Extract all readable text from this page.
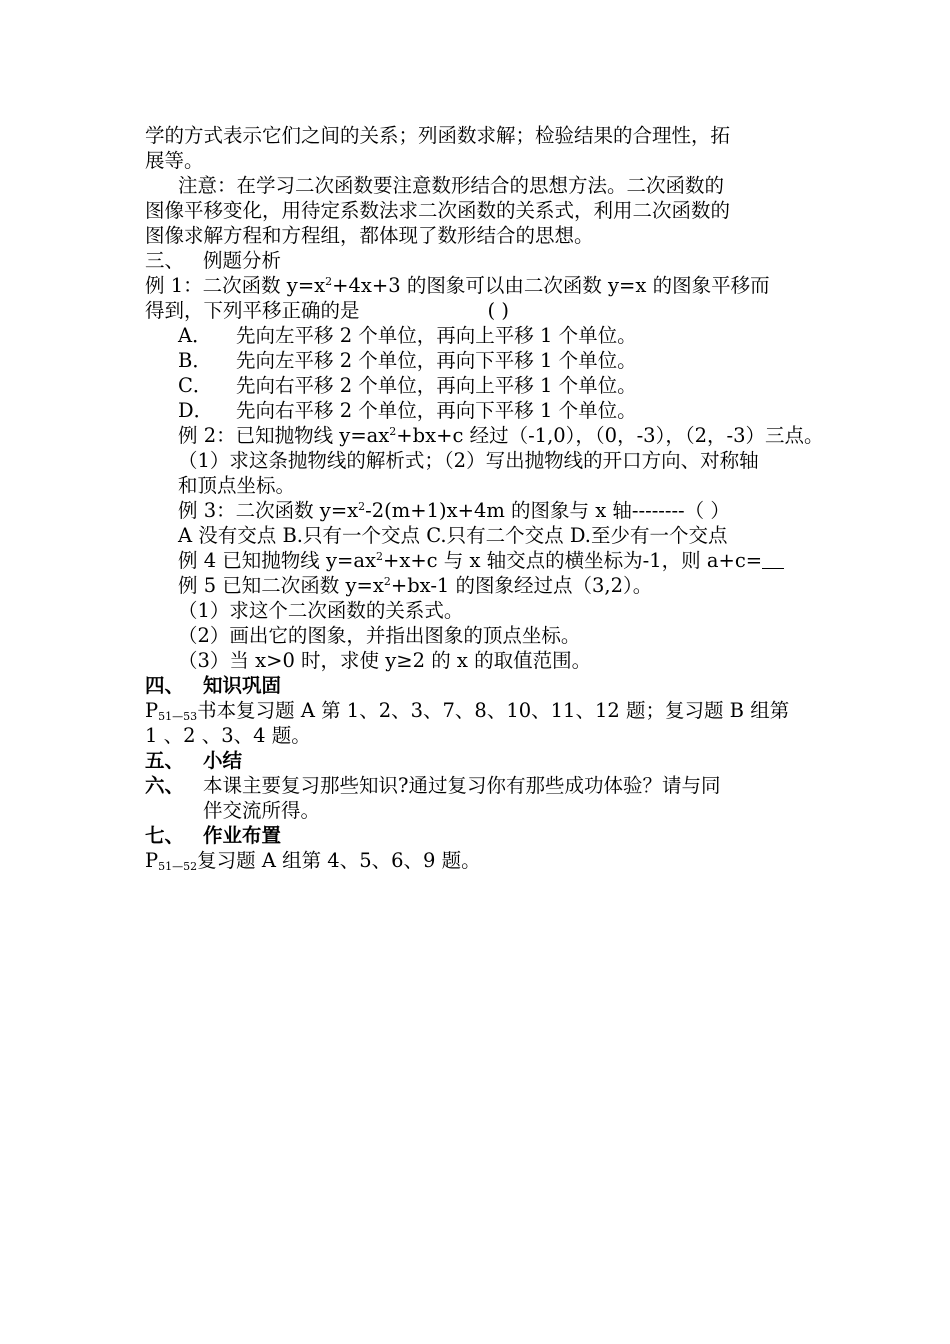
学的方式表示它们之间的关系；列函数求解；检验结果的合理性，拓
展等。
注意：在学习二次函数要注意数形结合的思想方法。二次函数的
图像平移变化，用待定系数法求二次函数的关系式，利用二次函数的
图像求解方程和方程组，都体现了数形结合的思想。
三、 例题分析
例 1：二次函数 $y=x^2+4x+3$ 的图象可以由二次函数 y=x 的图象平移而
得到，下列平移正确的是	( )
A． 先向左平移 2 个单位，再向上平移 1 个单位。
B． 先向左平移 2 个单位，再向下平移 1 个单位。
C． 先向右平移 2 个单位，再向上平移 1 个单位。
D． 先向右平移 2 个单位，再向下平移 1 个单位。
例 2：已知抛物线 $y=ax^2+bx+c$ 经过（-1,0），（0，-3），（2，-3）三点。
（1）求这条抛物线的解析式；（2）写出抛物线的开口方向、对称轴
和顶点坐标。
例 3：二次函数 $y=x^2-2(m+1)x+4m$ 的图象与 x 轴--------（ ）
A 没有交点 B.只有一个交点 C.只有二个交点 D.至少有一个交点
例 4 已知抛物线 $y=ax^2+x+c$ 与 x 轴交点的横坐标为-1，则 a+c=
例 5 已知二次函数 $y=x^2+bx-1$ 的图象经过点（3,2）。
（1）求这个二次函数的关系式。
（2）画出它的图象，并指出图象的顶点坐标。
（3）当 x>0 时，求使 y≥2 的 x 的取值范围。
四、 知识巩固
$P_{51—53}$书本复习题 A 第 1、2、3、7、8、10、11、12 题；复习题 B 组第
1 、2 、3、4 题。
五、 小结
六、 本课主要复习那些知识?通过复习你有那些成功体验？请与同
伴交流所得。
七、 作业布置
$P_{51—52}$复习题 A 组第 4、5、6、9 题。
